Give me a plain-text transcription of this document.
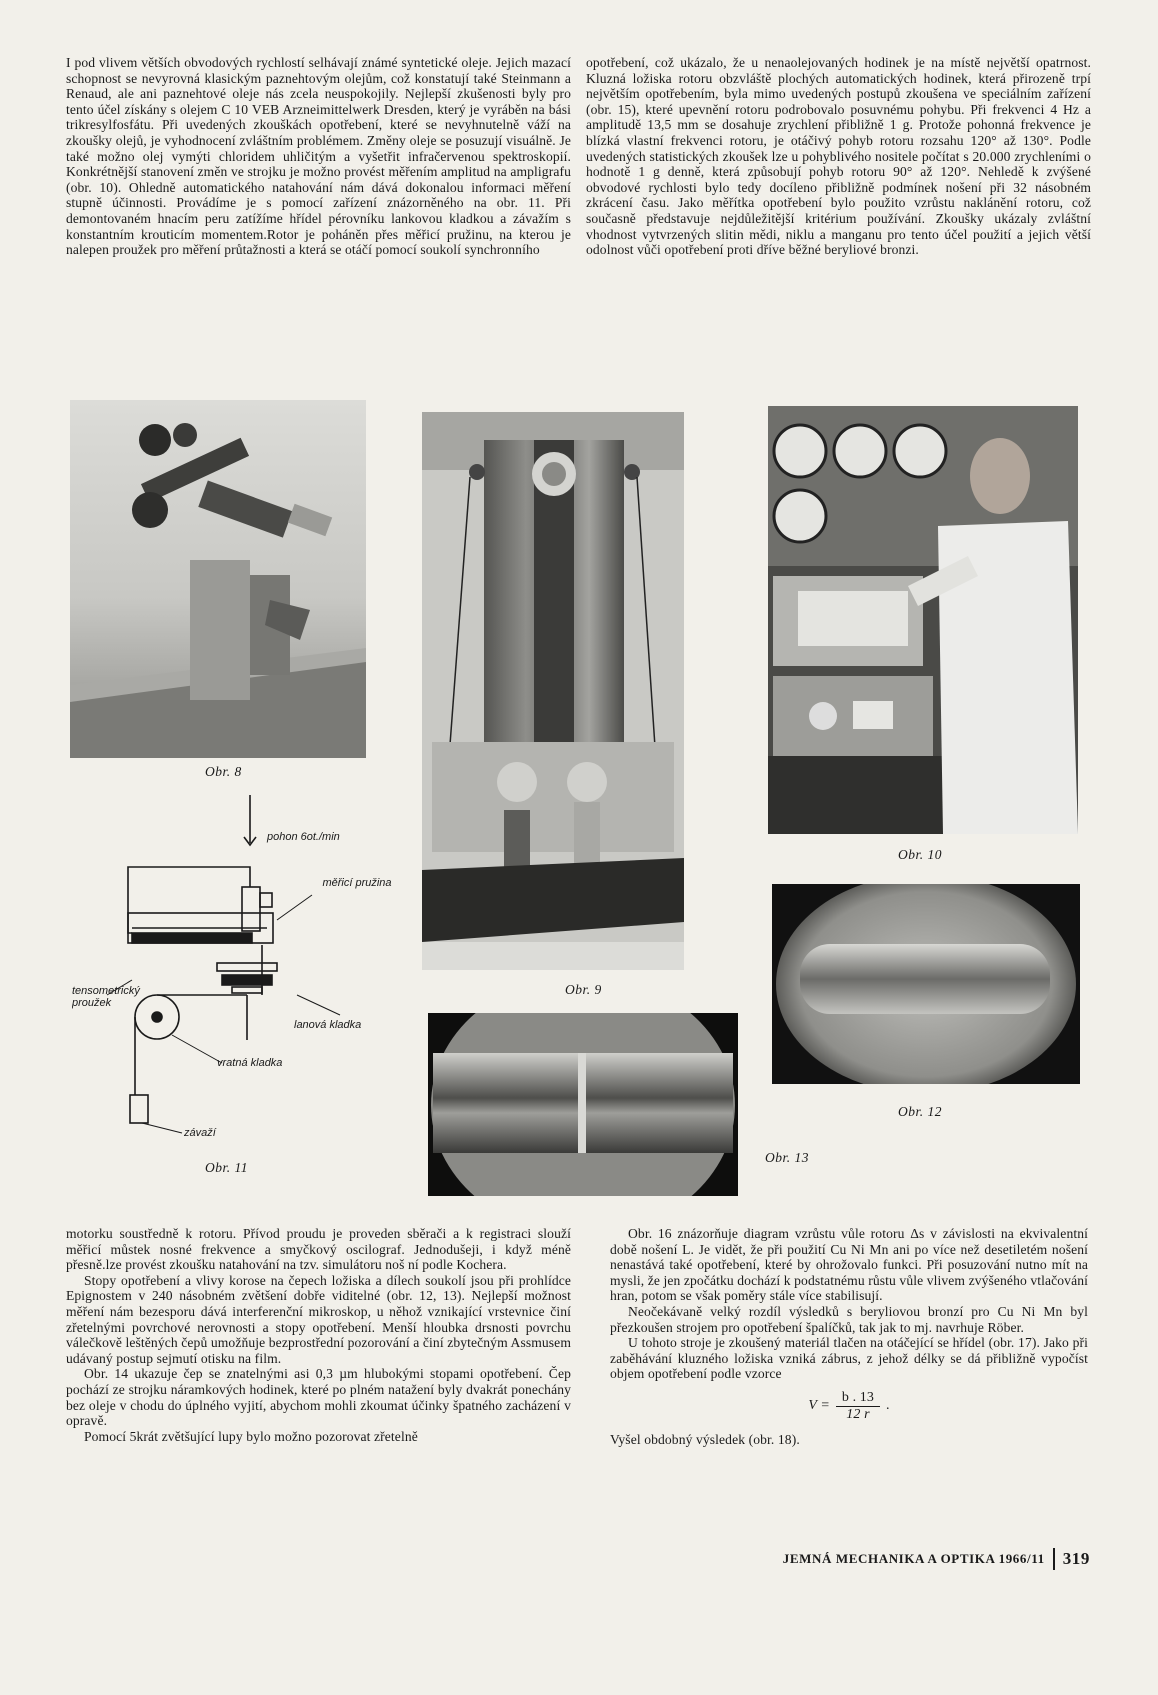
I pod vlivem větších obvodových rychlostí selhávají známé syntetické oleje. Jejich mazací schopnost se nevyrovná klasickým paznehtovým olejům, což konstatují také Steinmann a Renaud, ale ani paznehtové oleje nás zcela neuspokojily. Nejlepší zkušenosti byly pro tento účel získány s olejem C 10 VEB Arzneimittelwerk Dresden, který je vyráběn na bási trikresylfosfátu. Při uvedených zkouškách opotřebení, které se nevyhnutelně váží na zkoušky olejů, je vyhodnocení zvláštním problémem. Změny oleje se posuzují visuálně. Je také možno olej vymýti chloridem uhličitým a vyšetřit infračervenou spektroskopií. Konkrétnější stanovení změn ve strojku je možno provést měřením amplitud na ampligrafu (obr. 10). Ohledně automatického natahování nám dává dokonalou informaci měření stupně účinnosti. Provádíme je s pomocí zařízení znázorněného na obr. 11. Při demontovaném hnacím peru zatížíme hřídel pérovníku lankovou kladkou a závažím s konstantním krouticím momentem.Rotor je poháněn přes měřicí pružinu, na kterou je nalepen proužek pro měření průtažnosti a která se otáčí pomocí soukolí synchronního

opotřebení, což ukázalo, že u nenaolejovaných hodinek je na místě největší opatrnost. Kluzná ložiska rotoru obzvláště plochých automatických hodinek, která přirozeně trpí největším opotřebením, byla mimo uvedených postupů zkoušena ve speciálním zařízení (obr. 15), které upevnění rotoru podrobovalo posuvnému pohybu. Při frekvenci 4 Hz a amplitudě 13,5 mm se dosahuje zrychlení přibližně 1 g. Protože pohonná frekvence je blízká vlastní frekvenci rotoru, je otáčivý pohyb rotoru rozsahu 120° až 130°. Podle uvedených statistických zkoušek lze u pohyblivého nositele počítat s 20.000 zrychleními o hodnotě 1 g denně, která způsobují pohyb rotoru 90° až 120°. Nehledě k zvýšené obvodové rychlosti bylo tedy docíleno přibližně podmínek nošení při 32 násobném zkrácení času. Jako měřítka opotřebení bylo použito vzrůstu naklánění rotoru, což současně představuje nejdůležitější kritérium používání. Zkoušky ukázaly zvláštní vhodnost vytvrzených slitin mědi, niklu a manganu pro tento účel použití a jejich větší odolnost vůči opotřebení proti dříve běžné beryliové bronzi.

Obr. 8
Obr. 9
Obr. 10
pohon 6ot./min
měřicí pružina
tensometrický proužek
lanová kladka
vratná kladka
závaží
Obr. 11
Obr. 12
Obr. 13

motorku soustředně k rotoru. Přívod proudu je proveden sběrači a k registraci slouží měřicí můstek nosné frekvence a smyčkový oscilograf. Jednodušeji, i když méně přesně.lze provést zkoušku natahování na tzv. simulátoru noš ní podle Kochera.

Stopy opotřebení a vlivy korose na čepech ložiska a dílech soukolí jsou při prohlídce Epignostem v 240 násobném zvětšení dobře viditelné (obr. 12, 13). Nejlepší možnost měření nám bezesporu dává interferenční mikroskop, u něhož vznikající vrstevnice činí zřetelnými povrchové nerovnosti a stopy opotřebení. Menší hloubka drsnosti povrchu válečkově leštěných čepů umožňuje bezprostřední pozorování a činí zbytečným Assmusem udávaný postup sejmutí otisku na film.

Obr. 14 ukazuje čep se znatelnými asi 0,3 µm hlubokými stopami opotřebení. Čep pochází ze strojku náramkových hodinek, které po plném natažení byly dvakrát ponechány bez oleje v chodu do úplného vyjití, abychom mohli zkoumat účinky špatného zacházení v opravě.

Pomocí 5krát zvětšující lupy bylo možno pozorovat zřetelně

Obr. 16 znázorňuje diagram vzrůstu vůle rotoru Δs v závislosti na ekvivalentní době nošení L. Je vidět, že při použití Cu Ni Mn ani po více než desetiletém nošení nenastává také opotřebení, které by ohrožovalo funkci. Při posuzování nutno mít na mysli, že jen zpočátku dochází k podstatnému růstu vůle vlivem zvýšeného vtlačování hran, potom se však poměry stále více stabilisují.

Neočekávaně velký rozdíl výsledků s beryliovou bronzí pro Cu Ni Mn byl přezkoušen strojem pro opotřebení špalíčků, tak jak to mj. navrhuje Röber.

U tohoto stroje je zkoušený materiál tlačen na otáčející se hřídel (obr. 17). Jako při zaběhávání kluzného ložiska vzniká zábrus, z jehož délky se dá přibližně vypočíst objem opotřebení podle vzorce

$V = \frac{b . 13}{12 r}$ .

Vyšel obdobný výsledek (obr. 18).

JEMNÁ MECHANIKA A OPTIKA 1966/11 319
